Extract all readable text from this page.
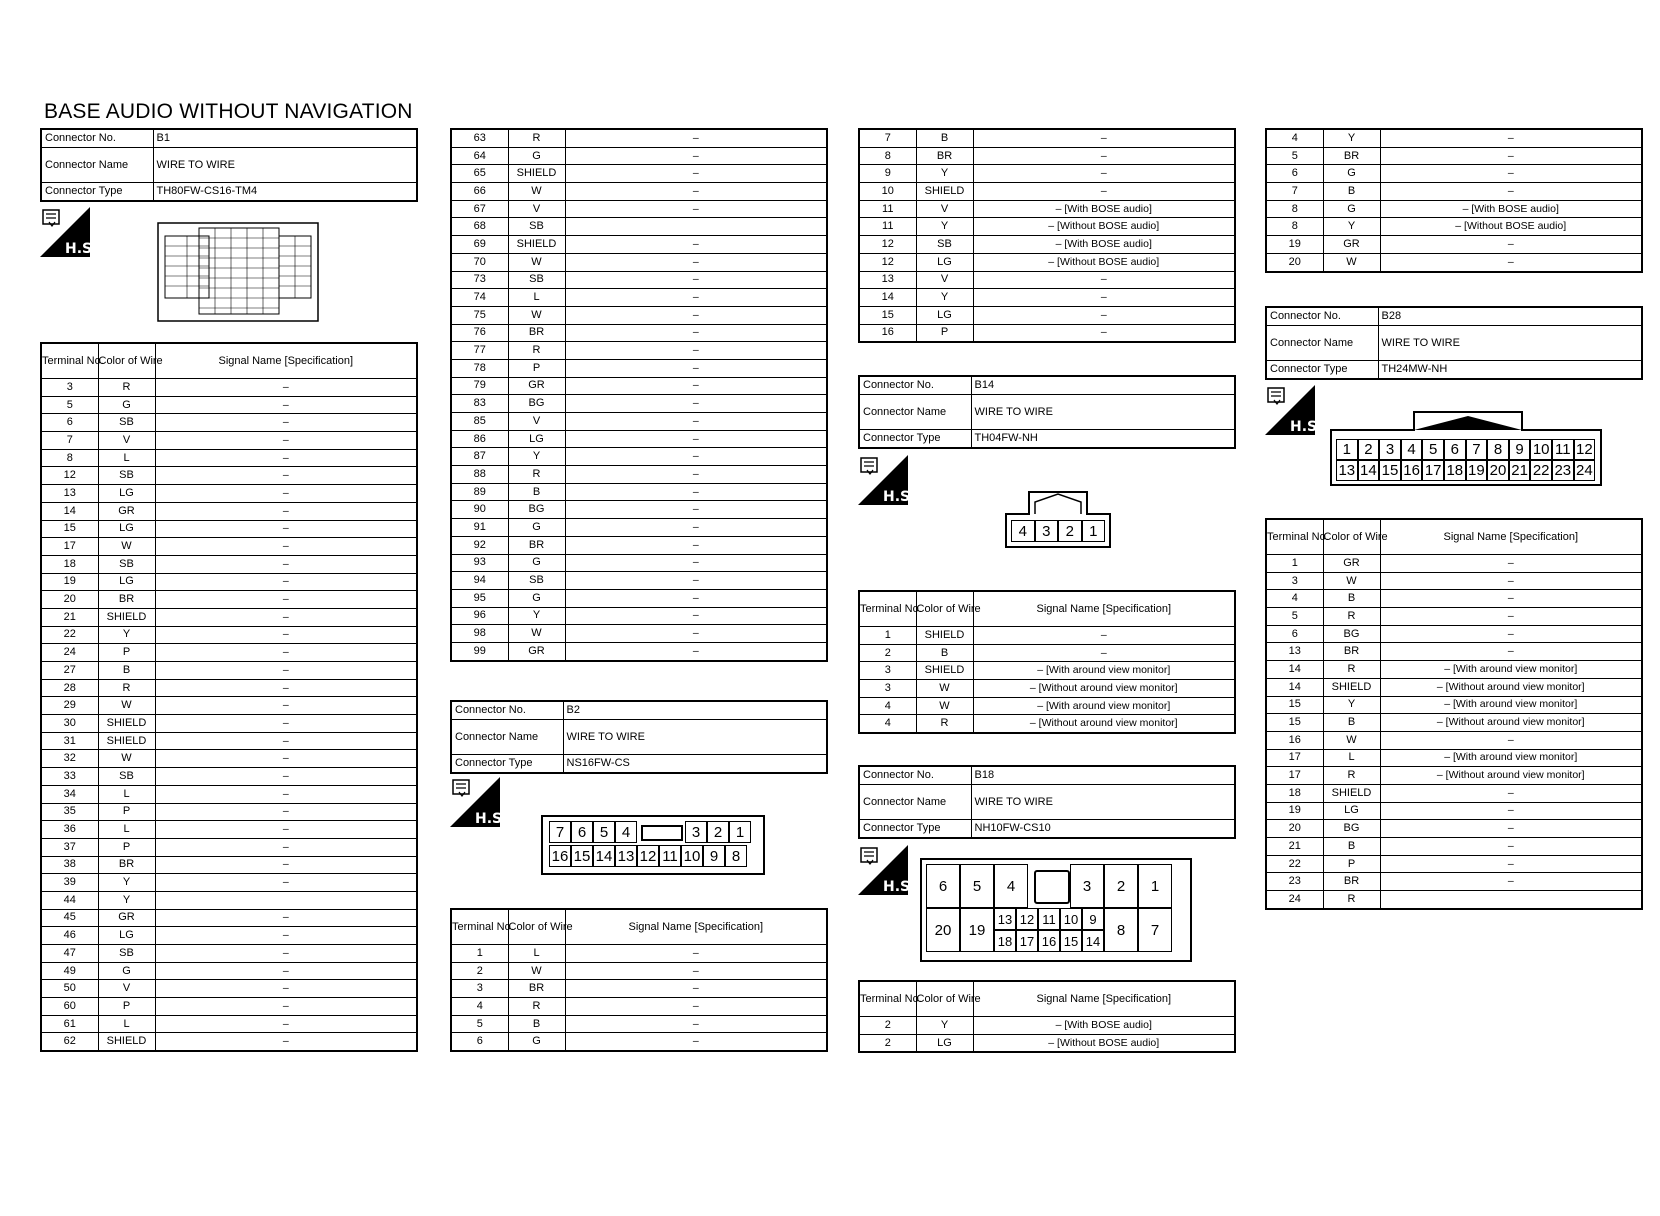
BASE AUDIO WITHOUT NAVIGATION
Connector No.	B1
Connector Name	WIRE TO WIRE
Connector Type	TH80FW-CS16-TM4
H.S.
Terminal No.	Color of Wire	Signal Name [Specification]
3	R	–
5	G	–
6	SB	–
7	V	–
8	L	–
12	SB	–
13	LG	–
14	GR	–
15	LG	–
17	W	–
18	SB	–
19	LG	–
20	BR	–
21	SHIELD	–
22	Y	–
24	P	–
27	B	–
28	R	–
29	W	–
30	SHIELD	–
31	SHIELD	–
32	W	–
33	SB	–
34	L	–
35	P	–
36	L	–
37	P	–
38	BR	–
39	Y	–
44	Y	
45	GR	–
46	LG	–
47	SB	–
49	G	–
50	V	–
60	P	–
61	L	–
62	SHIELD	–
63	R	–
64	G	–
65	SHIELD	–
66	W	–
67	V	–
68	SB	
69	SHIELD	–
70	W	–
73	SB	–
74	L	–
75	W	–
76	BR	–
77	R	–
78	P	–
79	GR	–
83	BG	–
85	V	–
86	LG	–
87	Y	–
88	R	–
89	B	–
90	BG	–
91	G	–
92	BR	–
93	G	–
94	SB	–
95	G	–
96	Y	–
98	W	–
99	GR	–
Connector No.	B2
Connector Name	WIRE TO WIRE
Connector Type	NS16FW-CS
H.S.
7 6 5 4	3 2 1
16 15 14 13 12 11 10 9 8
Terminal No.	Color of Wire	Signal Name [Specification]
1	L	–
2	W	–
3	BR	–
4	R	–
5	B	–
6	G	–
7	B	–
8	BR	–
9	Y	–
10	SHIELD	–
11	V	– [With BOSE audio]
11	Y	– [Without BOSE audio]
12	SB	– [With BOSE audio]
12	LG	– [Without BOSE audio]
13	V	–
14	Y	–
15	LG	–
16	P	–
Connector No.	B14
Connector Name	WIRE TO WIRE
Connector Type	TH04FW-NH
H.S.
4	3	2	1
Terminal No.	Color of Wire	Signal Name [Specification]
1	SHIELD	–
2	B	–
3	SHIELD	– [With around view monitor]
3	W	– [Without around view monitor]
4	W	– [With around view monitor]
4	R	– [Without around view monitor]
Connector No.	B18
Connector Name	WIRE TO WIRE
Connector Type	NH10FW-CS10
H.S.	6	5	4	3	2	1
20	19	8	7
13 12 11 10 9
18 17 16 15 14
Terminal No.	Color of Wire	Signal Name [Specification]
2	Y	– [With BOSE audio]
2	LG	– [Without BOSE audio]
4	Y	–
5	BR	–
6	G	–
7	B	–
8	G	– [With BOSE audio]
8	Y	– [Without BOSE audio]
19	GR	–
20	W	–
Connector No.	B28
Connector Name	WIRE TO WIRE
Connector Type	TH24MW-NH
H.S.
1 2 3 4 5 6 7 8 9 10 11 12
13 14 15 16 17 18 19 20 21 22 23 24
Terminal No.	Color of Wire	Signal Name [Specification]
1	GR	–
3	W	–
4	B	–
5	R	–
6	BG	–
13	BR	–
14	R	– [With around view monitor]
14	SHIELD	– [Without around view monitor]
15	Y	– [With around view monitor]
15	B	– [Without around view monitor]
16	W	–
17	L	– [With around view monitor]
17	R	– [Without around view monitor]
18	SHIELD	–
19	LG	–
20	BG	–
21	B	–
22	P	–
23	BR	–
24	R	
